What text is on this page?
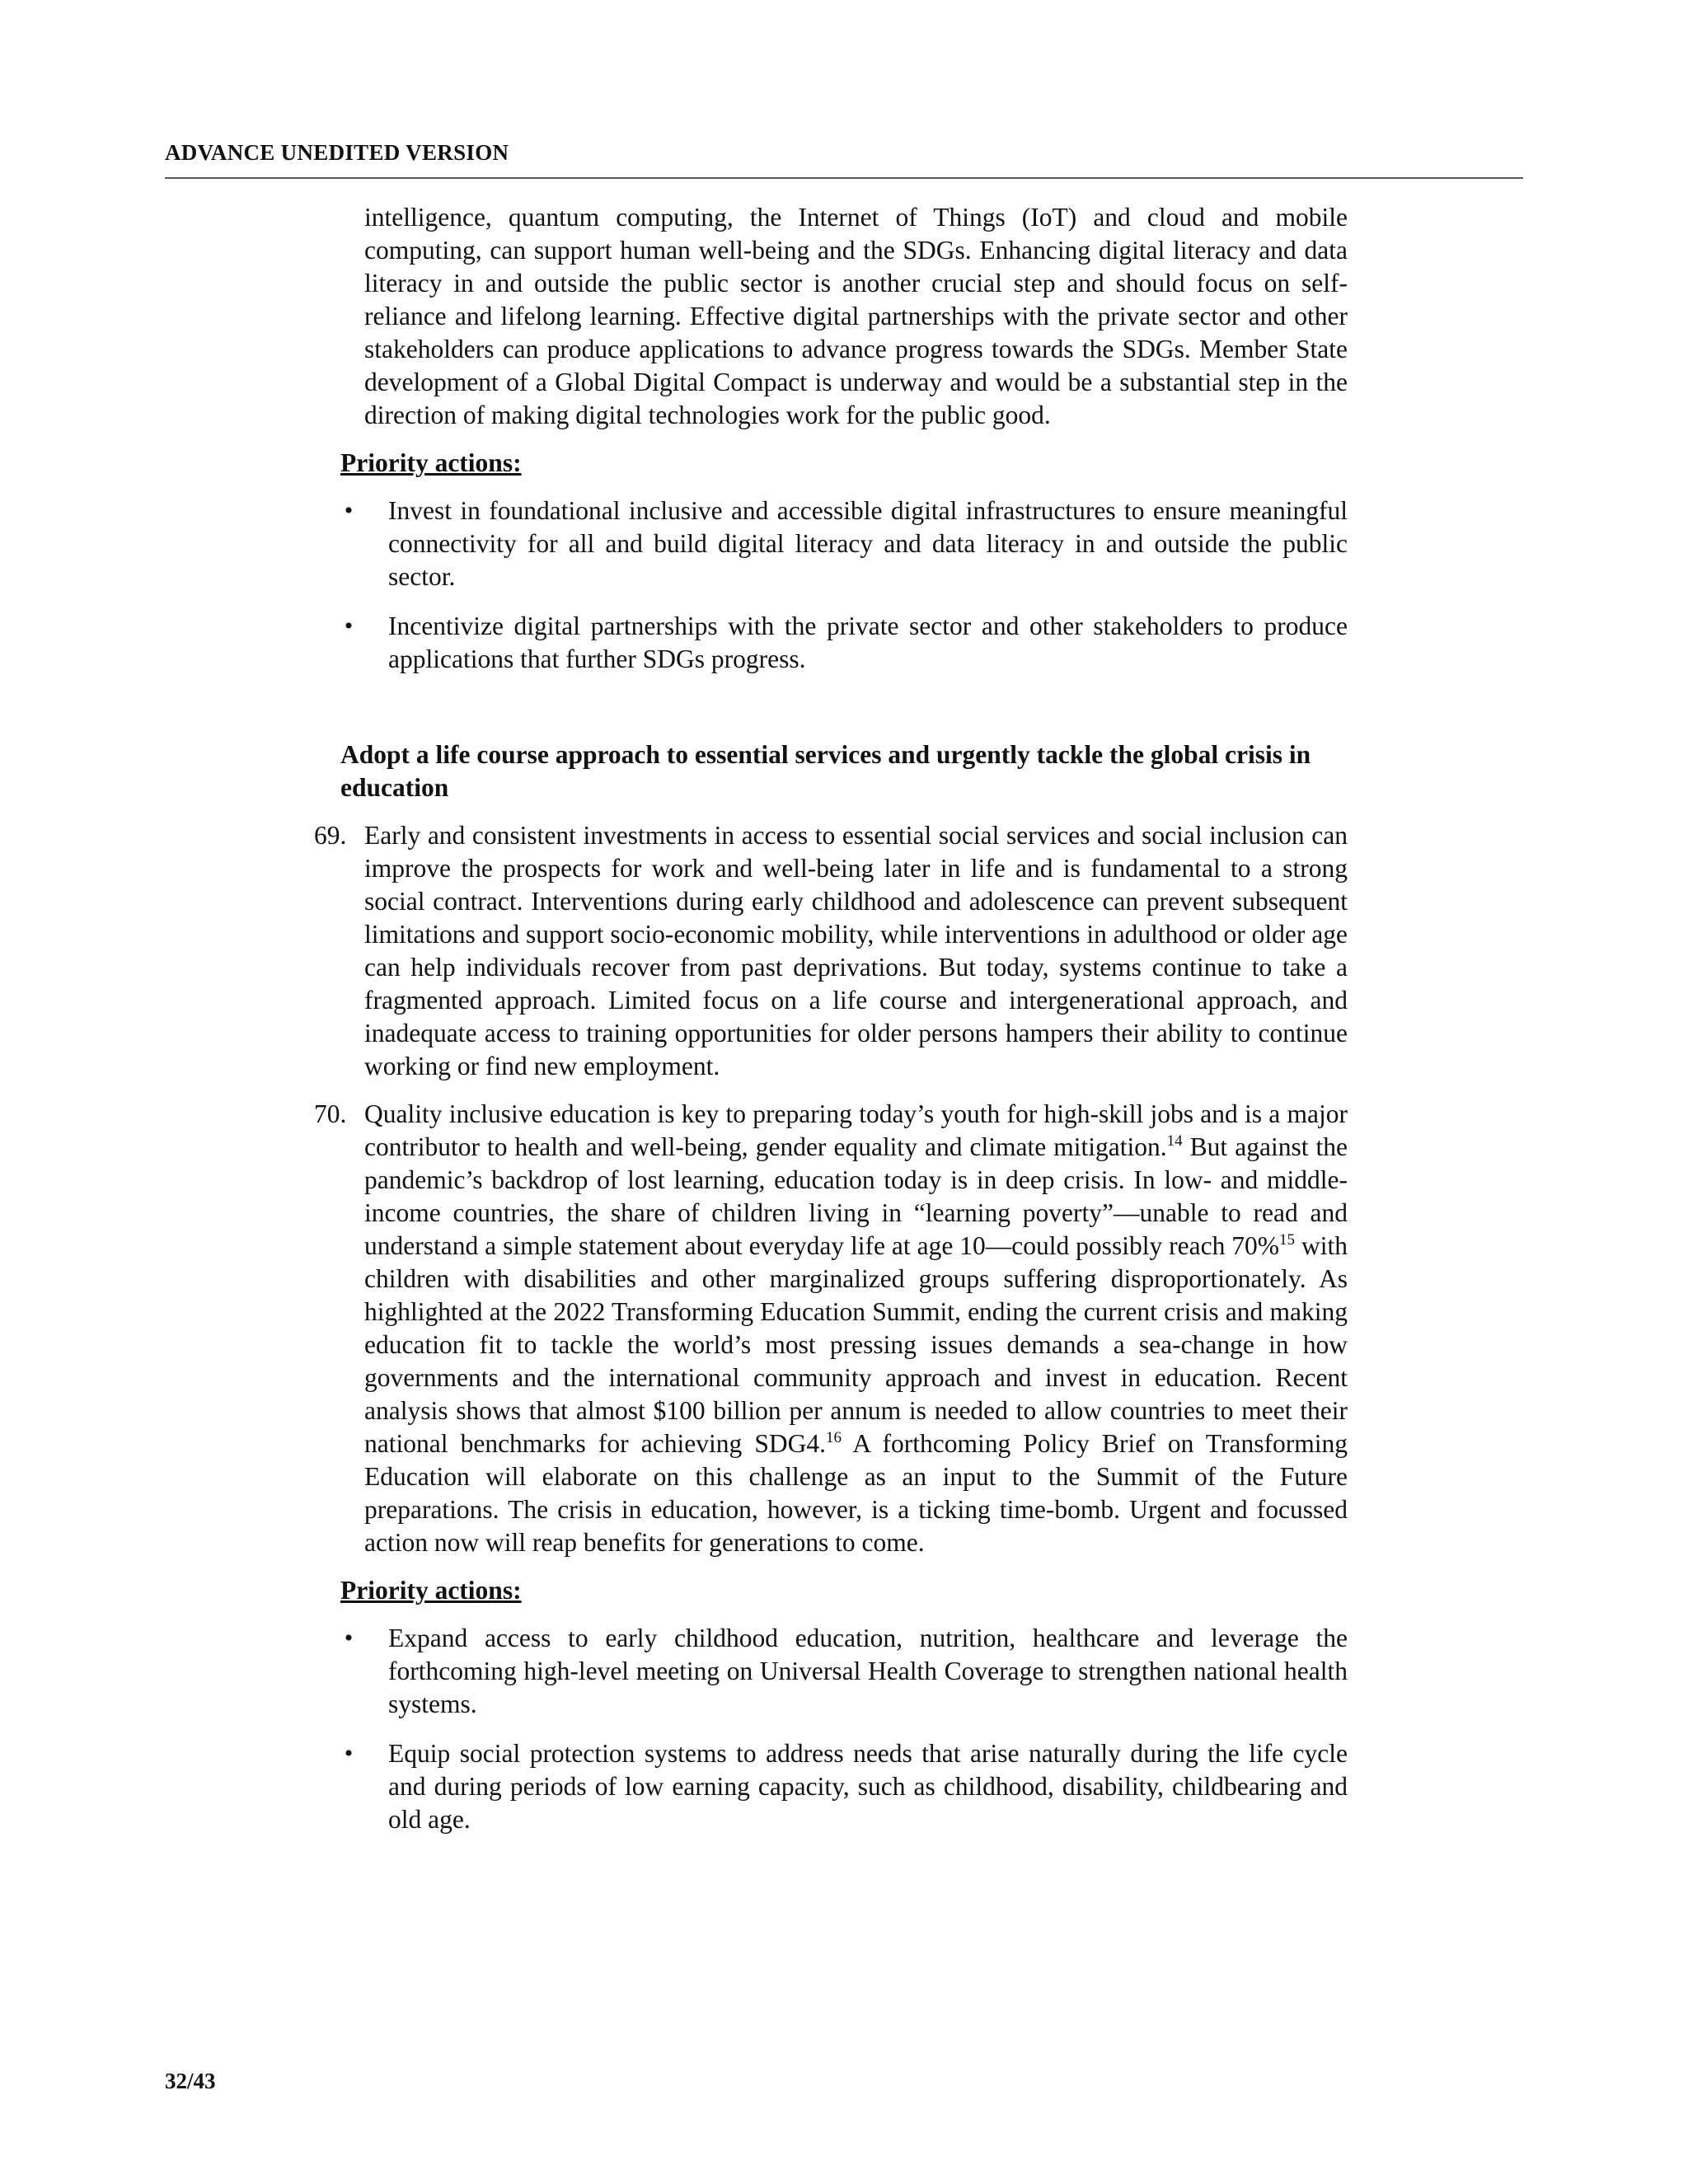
ADVANCE UNEDITED VERSION

intelligence, quantum computing, the Internet of Things (IoT) and cloud and mobile computing, can support human well-being and the SDGs. Enhancing digital literacy and data literacy in and outside the public sector is another crucial step and should focus on self-reliance and lifelong learning. Effective digital partnerships with the private sector and other stakeholders can produce applications to advance progress towards the SDGs. Member State development of a Global Digital Compact is underway and would be a substantial step in the direction of making digital technologies work for the public good.

Priority actions:

• Invest in foundational inclusive and accessible digital infrastructures to ensure meaningful connectivity for all and build digital literacy and data literacy in and outside the public sector.
• Incentivize digital partnerships with the private sector and other stakeholders to produce applications that further SDGs progress.

Adopt a life course approach to essential services and urgently tackle the global crisis in education

69. Early and consistent investments in access to essential social services and social inclusion can improve the prospects for work and well-being later in life and is fundamental to a strong social contract. Interventions during early childhood and adolescence can prevent subsequent limitations and support socio-economic mobility, while interventions in adulthood or older age can help individuals recover from past deprivations. But today, systems continue to take a fragmented approach. Limited focus on a life course and intergenerational approach, and inadequate access to training opportunities for older persons hampers their ability to continue working or find new employment.

70. Quality inclusive education is key to preparing today’s youth for high-skill jobs and is a major contributor to health and well-being, gender equality and climate mitigation.$^{14}$ But against the pandemic’s backdrop of lost learning, education today is in deep crisis. In low- and middle-income countries, the share of children living in “learning poverty”—unable to read and understand a simple statement about everyday life at age 10—could possibly reach 70%$^{15}$ with children with disabilities and other marginalized groups suffering disproportionately. As highlighted at the 2022 Transforming Education Summit, ending the current crisis and making education fit to tackle the world’s most pressing issues demands a sea-change in how governments and the international community approach and invest in education. Recent analysis shows that almost $100 billion per annum is needed to allow countries to meet their national benchmarks for achieving SDG4.16 A forthcoming Policy Brief on Transforming Education will elaborate on this challenge as an input to the Summit of the Future preparations. The crisis in education, however, is a ticking time-bomb. Urgent and focussed action now will reap benefits for generations to come.

Priority actions:

• Expand access to early childhood education, nutrition, healthcare and leverage the forthcoming high-level meeting on Universal Health Coverage to strengthen national health systems.
• Equip social protection systems to address needs that arise naturally during the life cycle and during periods of low earning capacity, such as childhood, disability, childbearing and old age.
32/43
